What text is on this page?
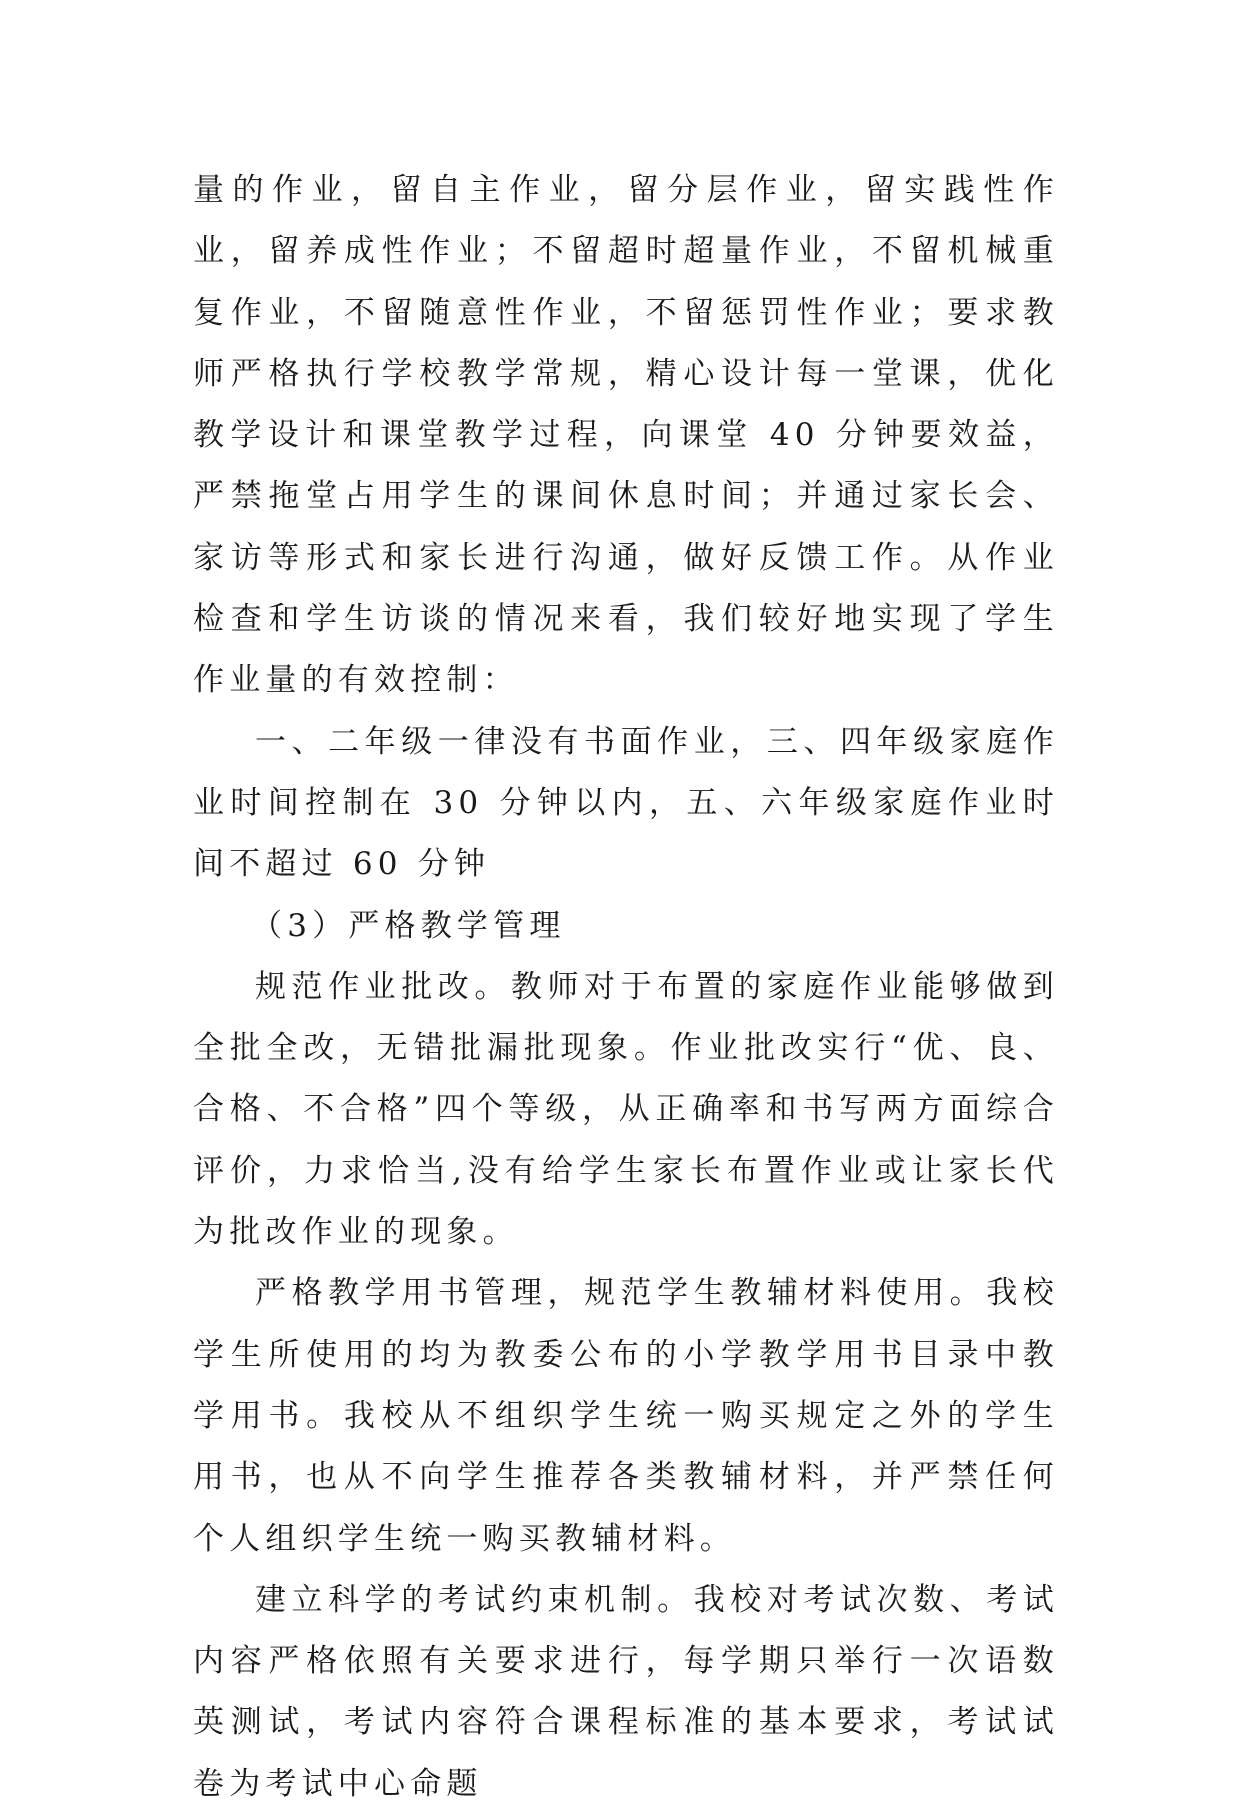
量的作业，留自主作业，留分层作业，留实践性作业，留养成性作业；不留超时超量作业，不留机械重复作业，不留随意性作业，不留惩罚性作业；要求教师严格执行学校教学常规，精心设计每一堂课，优化教学设计和课堂教学过程，向课堂 40 分钟要效益，严禁拖堂占用学生的课间休息时间；并通过家长会、家访等形式和家长进行沟通，做好反馈工作。从作业检查和学生访谈的情况来看，我们较好地实现了学生作业量的有效控制：

一、二年级一律没有书面作业，三、四年级家庭作业时间控制在 30 分钟以内，五、六年级家庭作业时间不超过 60 分钟

（3）严格教学管理

规范作业批改。教师对于布置的家庭作业能够做到全批全改，无错批漏批现象。作业批改实行“优、良、合格、不合格”四个等级，从正确率和书写两方面综合评价，力求恰当,没有给学生家长布置作业或让家长代为批改作业的现象。

严格教学用书管理，规范学生教辅材料使用。我校学生所使用的均为教委公布的小学教学用书目录中教学用书。我校从不组织学生统一购买规定之外的学生用书，也从不向学生推荐各类教辅材料，并严禁任何个人组织学生统一购买教辅材料。

建立科学的考试约束机制。我校对考试次数、考试内容严格依照有关要求进行，每学期只举行一次语数英测试，考试内容符合课程标准的基本要求，考试试卷为考试中心命题
